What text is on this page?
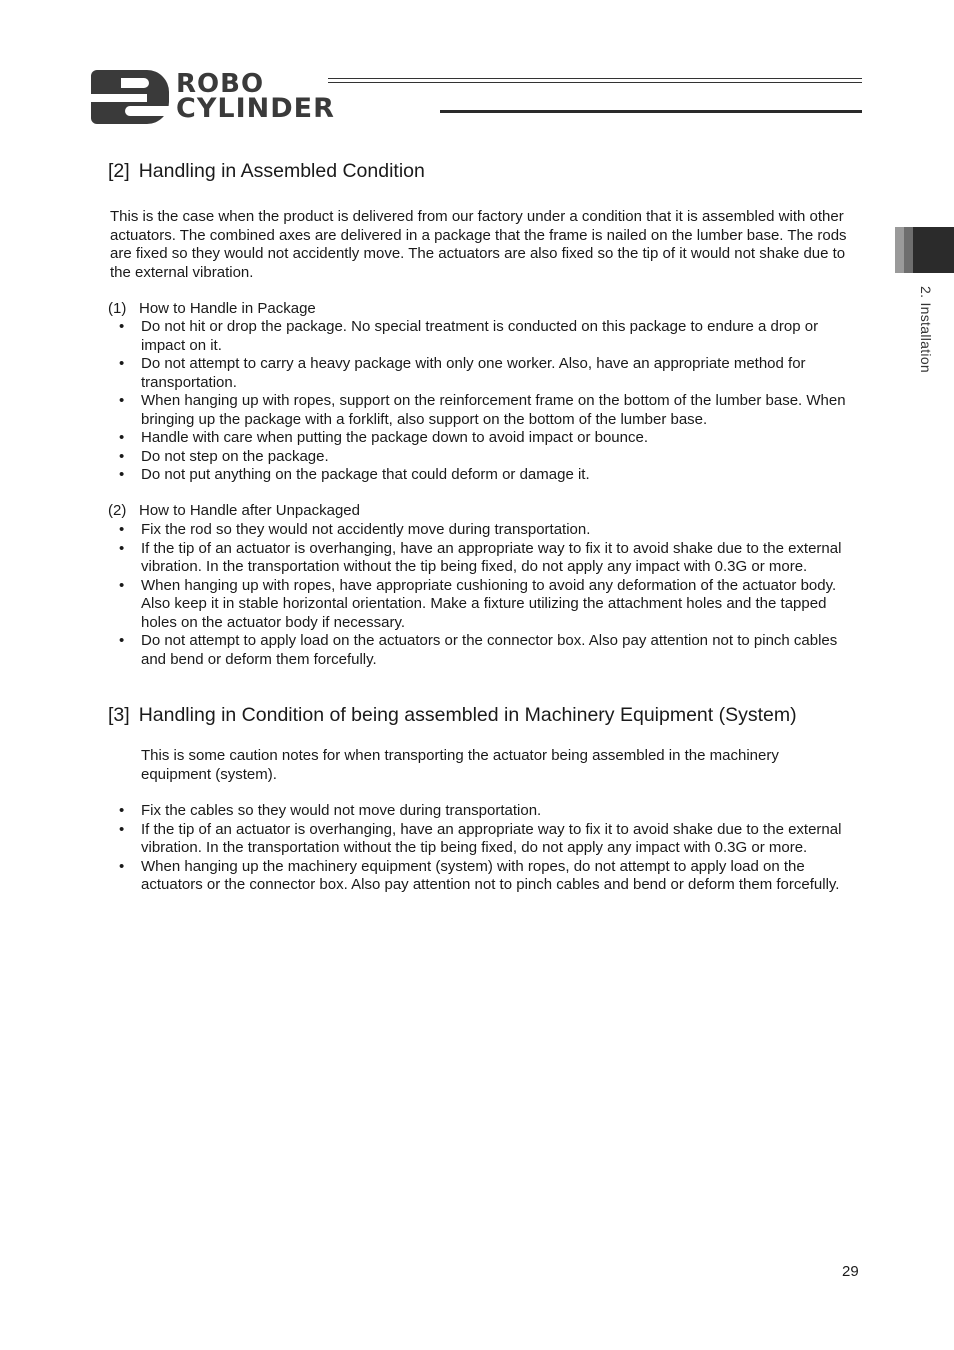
ROBO
CYLINDER
2. Installation
[2] Handling in Assembled Condition

This is the case when the product is delivered from our factory under a condition that it is assembled with other actuators. The combined axes are delivered in a package that the frame is nailed on the lumber base. The rods are fixed so they would not accidently move. The actuators are also fixed so the tip of it would not shake due to the external vibration.

(1) How to Handle in Package
• Do not hit or drop the package. No special treatment is conducted on this package to endure a drop or impact on it.
• Do not attempt to carry a heavy package with only one worker. Also, have an appropriate method for transportation.
• When hanging up with ropes, support on the reinforcement frame on the bottom of the lumber base. When bringing up the package with a forklift, also support on the bottom of the lumber base.
• Handle with care when putting the package down to avoid impact or bounce.
• Do not step on the package.
• Do not put anything on the package that could deform or damage it.
(2) How to Handle after Unpackaged
• Fix the rod so they would not accidently move during transportation.
• If the tip of an actuator is overhanging, have an appropriate way to fix it to avoid shake due to the external vibration. In the transportation without the tip being fixed, do not apply any impact with 0.3G or more.
• When hanging up with ropes, have appropriate cushioning to avoid any deformation of the actuator body. Also keep it in stable horizontal orientation. Make a fixture utilizing the attachment holes and the tapped holes on the actuator body if necessary.
• Do not attempt to apply load on the actuators or the connector box. Also pay attention not to pinch cables and bend or deform them forcefully.
[3] Handling in Condition of being assembled in Machinery Equipment (System)

This is some caution notes for when transporting the actuator being assembled in the machinery equipment (system).

• Fix the cables so they would not move during transportation.
• If the tip of an actuator is overhanging, have an appropriate way to fix it to avoid shake due to the external vibration. In the transportation without the tip being fixed, do not apply any impact with 0.3G or more.
• When hanging up the machinery equipment (system) with ropes, do not attempt to apply load on the actuators or the connector box. Also pay attention not to pinch cables and bend or deform them forcefully.
29
